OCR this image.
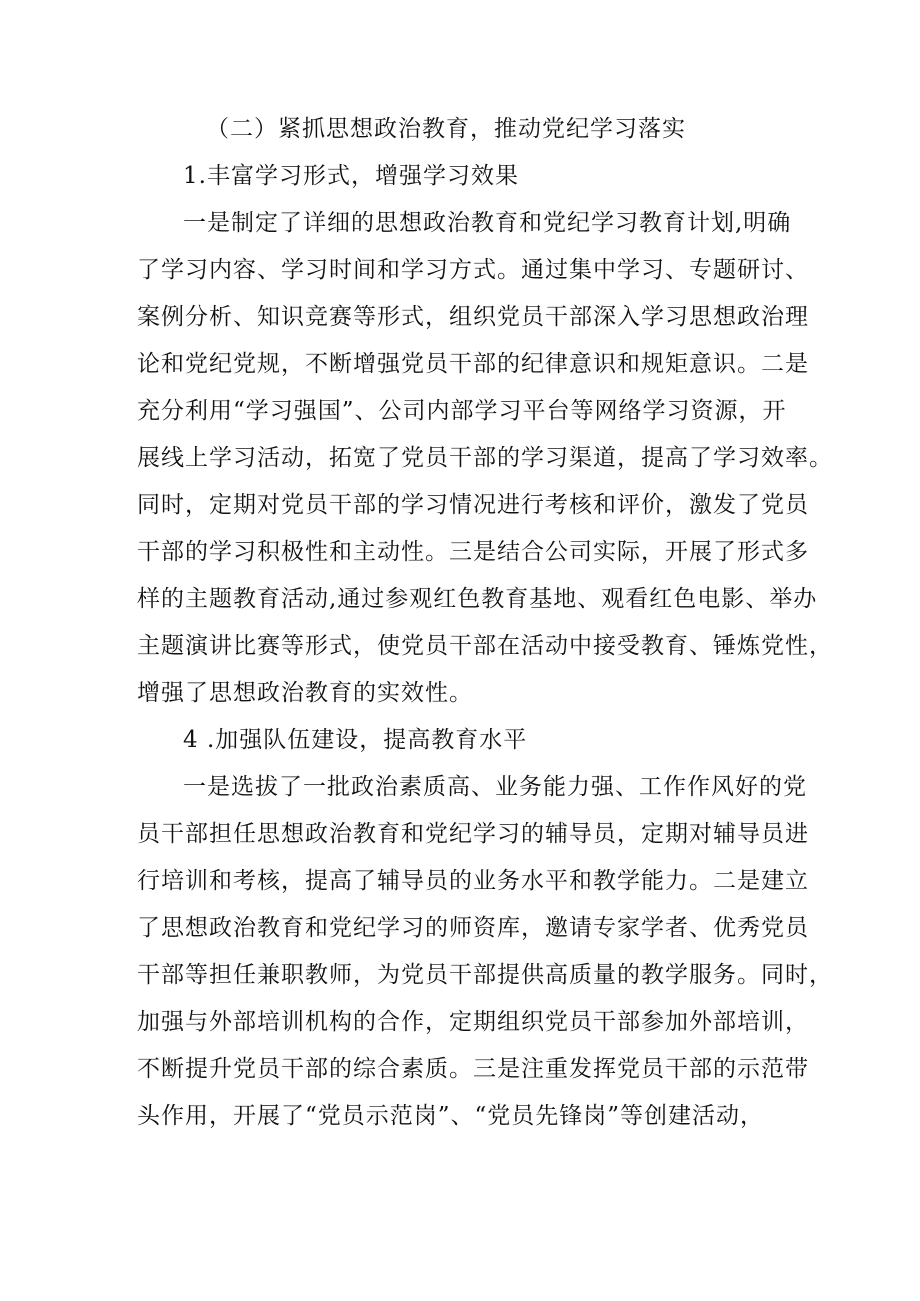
（二）紧抓思想政治教育，推动党纪学习落实
1.丰富学习形式，增强学习效果
一是制定了详细的思想政治教育和党纪学习教育计划,明确
了学习内容、学习时间和学习方式。通过集中学习、专题研讨、
案例分析、知识竞赛等形式，组织党员干部深入学习思想政治理
论和党纪党规，不断增强党员干部的纪律意识和规矩意识。二是
充分利用“学习强国”、公司内部学习平台等网络学习资源，开
展线上学习活动，拓宽了党员干部的学习渠道，提高了学习效率。
同时，定期对党员干部的学习情况进行考核和评价，激发了党员
干部的学习积极性和主动性。三是结合公司实际，开展了形式多
样的主题教育活动,通过参观红色教育基地、观看红色电影、举办
主题演讲比赛等形式，使党员干部在活动中接受教育、锤炼党性，
增强了思想政治教育的实效性。
4 .加强队伍建设，提高教育水平
一是选拔了一批政治素质高、业务能力强、工作作风好的党
员干部担任思想政治教育和党纪学习的辅导员，定期对辅导员进
行培训和考核，提高了辅导员的业务水平和教学能力。二是建立
了思想政治教育和党纪学习的师资库，邀请专家学者、优秀党员
干部等担任兼职教师，为党员干部提供高质量的教学服务。同时，
加强与外部培训机构的合作，定期组织党员干部参加外部培训，
不断提升党员干部的综合素质。三是注重发挥党员干部的示范带
头作用，开展了“党员示范岗”、“党员先锋岗”等创建活动，
